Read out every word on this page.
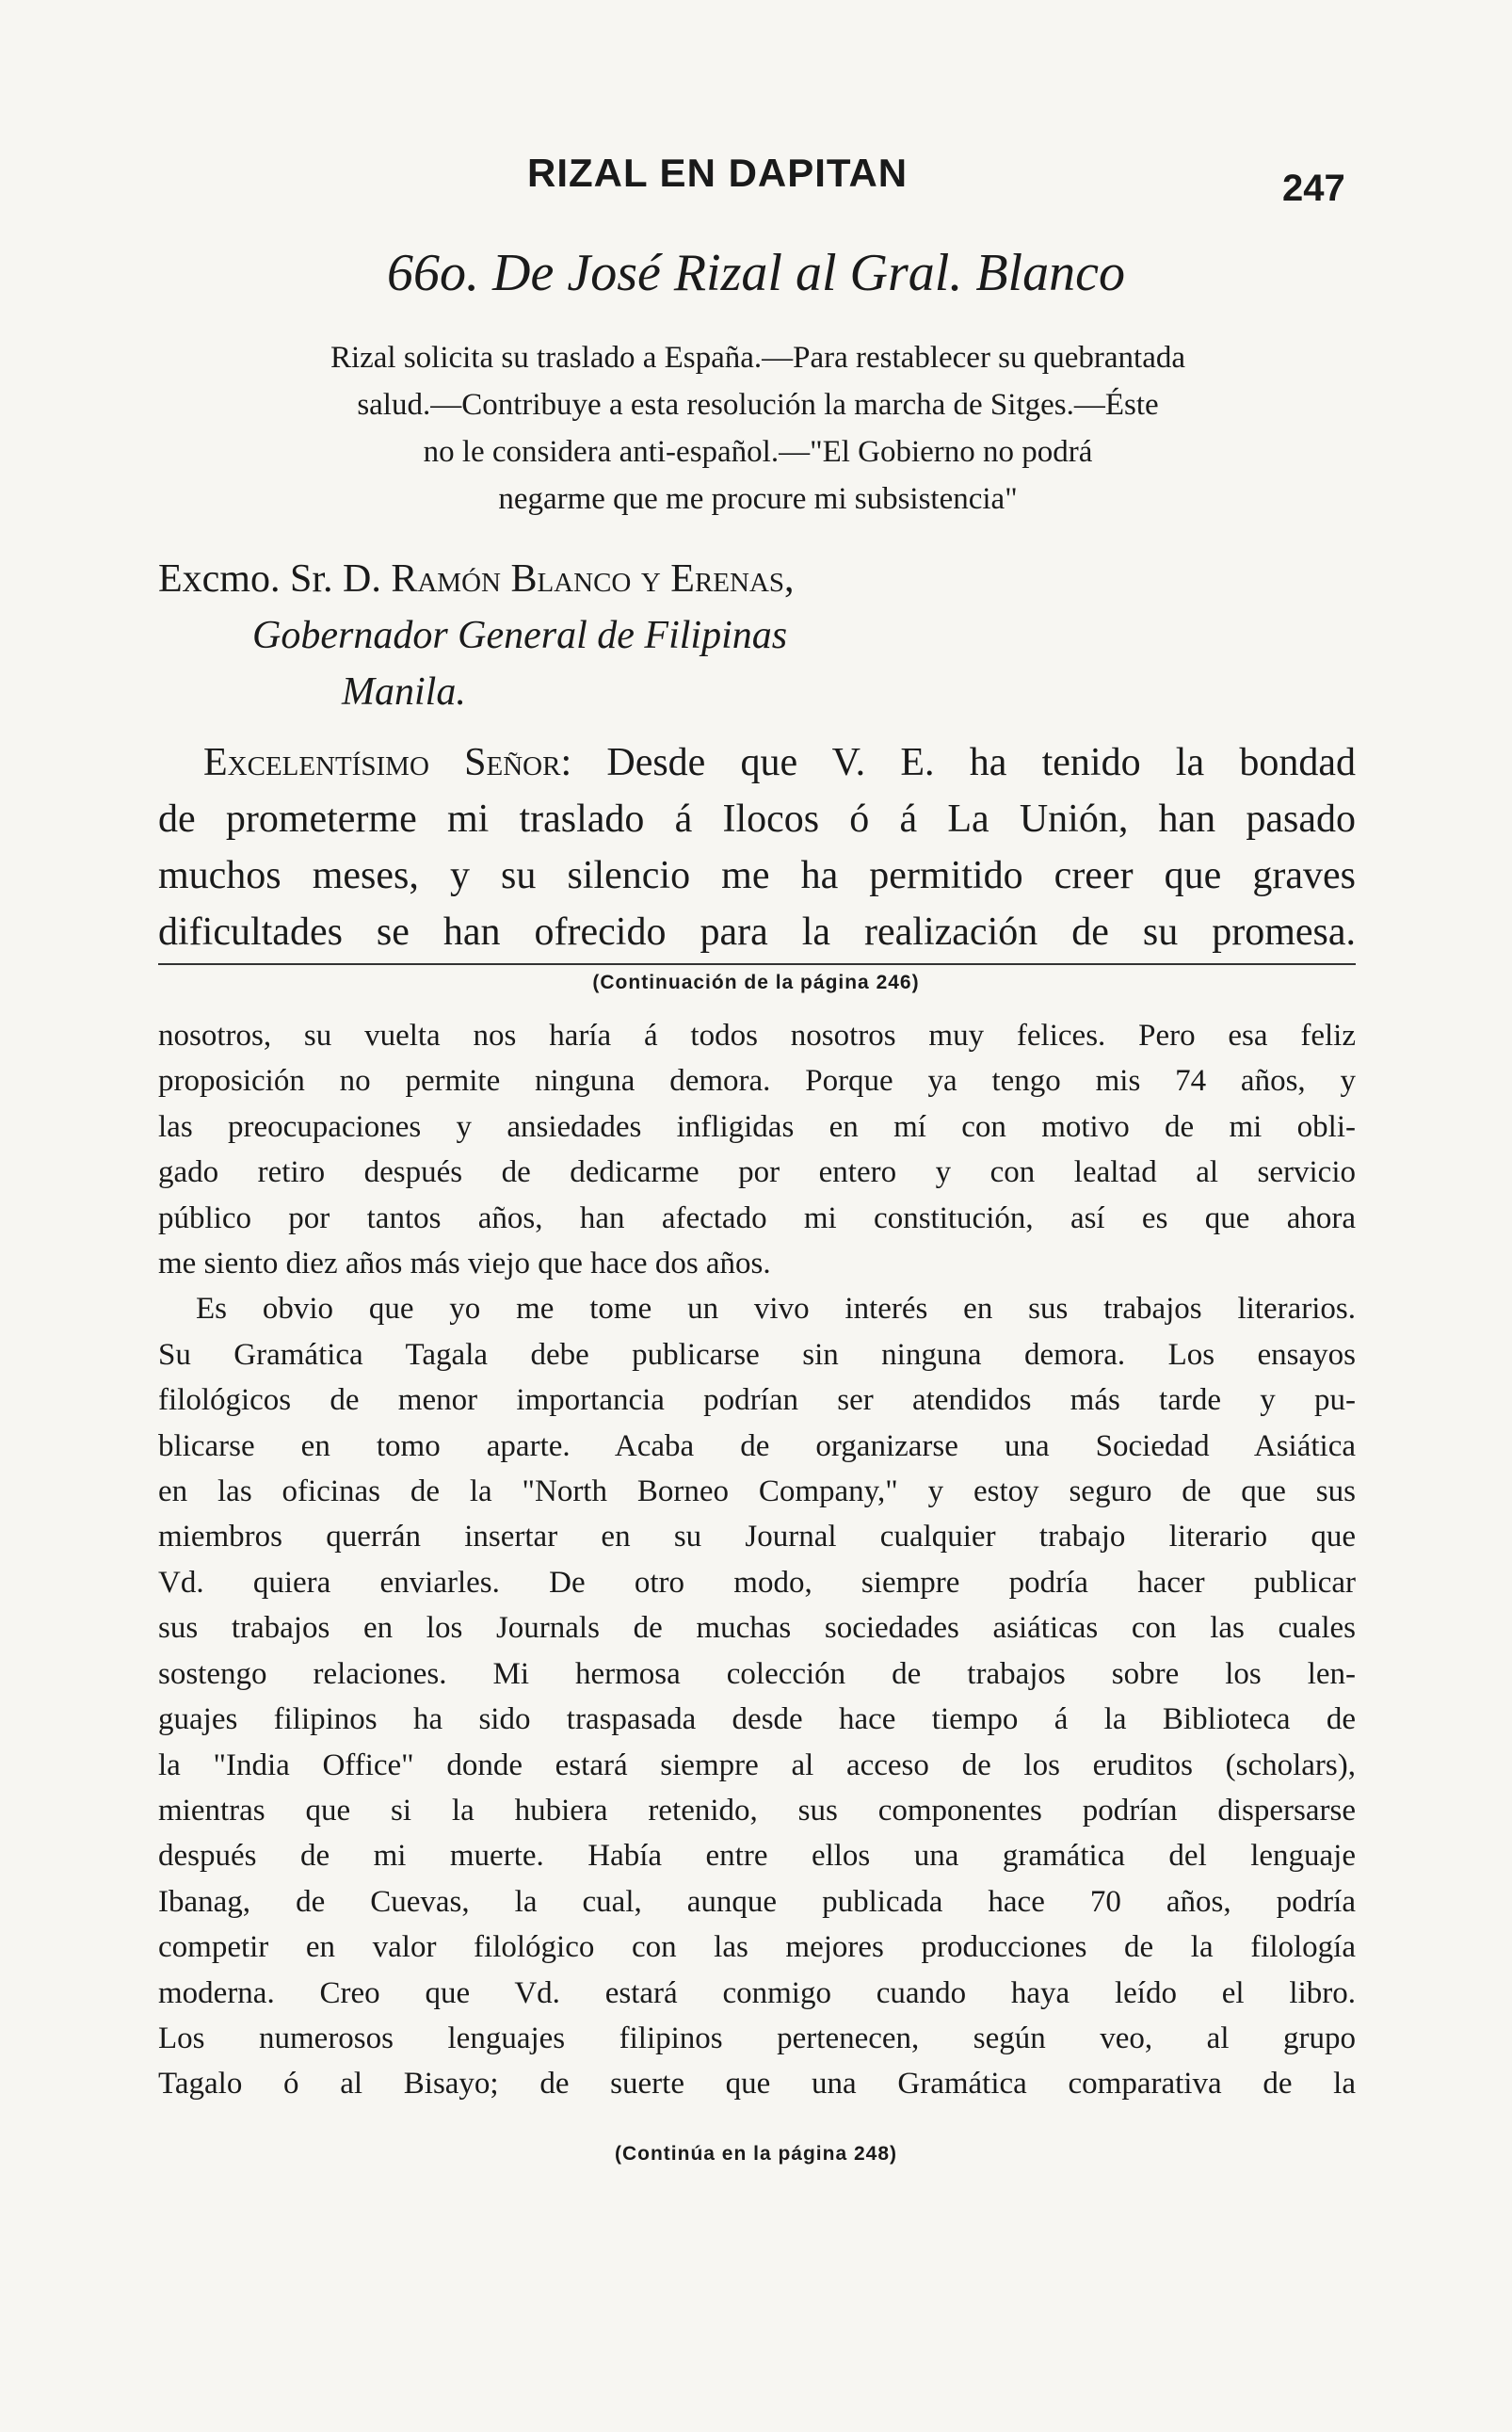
RIZAL EN DAPITAN	247
66o. De José Rizal al Gral. Blanco
Rizal solicita su traslado a España.—Para restablecer su quebrantada
salud.—Contribuye a esta resolución la marcha de Sitges.—Éste
no le considera anti-español.—"El Gobierno no podrá
negarme que me procure mi subsistencia"
Excmo. Sr. D. Ramón Blanco y Erenas,
Gobernador General de Filipinas
Manila.
Excelentísimo Señor: Desde que V. E. ha tenido la bondad
de prometerme mi traslado á Ilocos ó á La Unión, han pasado
muchos meses, y su silencio me ha permitido creer que graves
dificultades se han ofrecido para la realización de su promesa.
(Continuación de la página 246)
nosotros, su vuelta nos haría á todos nosotros muy felices. Pero esa feliz
proposición no permite ninguna demora. Porque ya tengo mis 74 años, y
las preocupaciones y ansiedades infligidas en mí con motivo de mi obli-
gado retiro después de dedicarme por entero y con lealtad al servicio
público por tantos años, han afectado mi constitución, así es que ahora
me siento diez años más viejo que hace dos años.
Es obvio que yo me tome un vivo interés en sus trabajos literarios.
Su Gramática Tagala debe publicarse sin ninguna demora. Los ensayos
filológicos de menor importancia podrían ser atendidos más tarde y pu-
blicarse en tomo aparte. Acaba de organizarse una Sociedad Asiática
en las oficinas de la "North Borneo Company," y estoy seguro de que sus
miembros querrán insertar en su Journal cualquier trabajo literario que
Vd. quiera enviarles. De otro modo, siempre podría hacer publicar
sus trabajos en los Journals de muchas sociedades asiáticas con las cuales
sostengo relaciones. Mi hermosa colección de trabajos sobre los len-
guajes filipinos ha sido traspasada desde hace tiempo á la Biblioteca de
la "India Office" donde estará siempre al acceso de los eruditos (scholars),
mientras que si la hubiera retenido, sus componentes podrían dispersarse
después de mi muerte. Había entre ellos una gramática del lenguaje
Ibanag, de Cuevas, la cual, aunque publicada hace 70 años, podría
competir en valor filológico con las mejores producciones de la filología
moderna. Creo que Vd. estará conmigo cuando haya leído el libro.
Los numerosos lenguajes filipinos pertenecen, según veo, al grupo
Tagalo ó al Bisayo; de suerte que una Gramática comparativa de la
(Continúa en la página 248)
